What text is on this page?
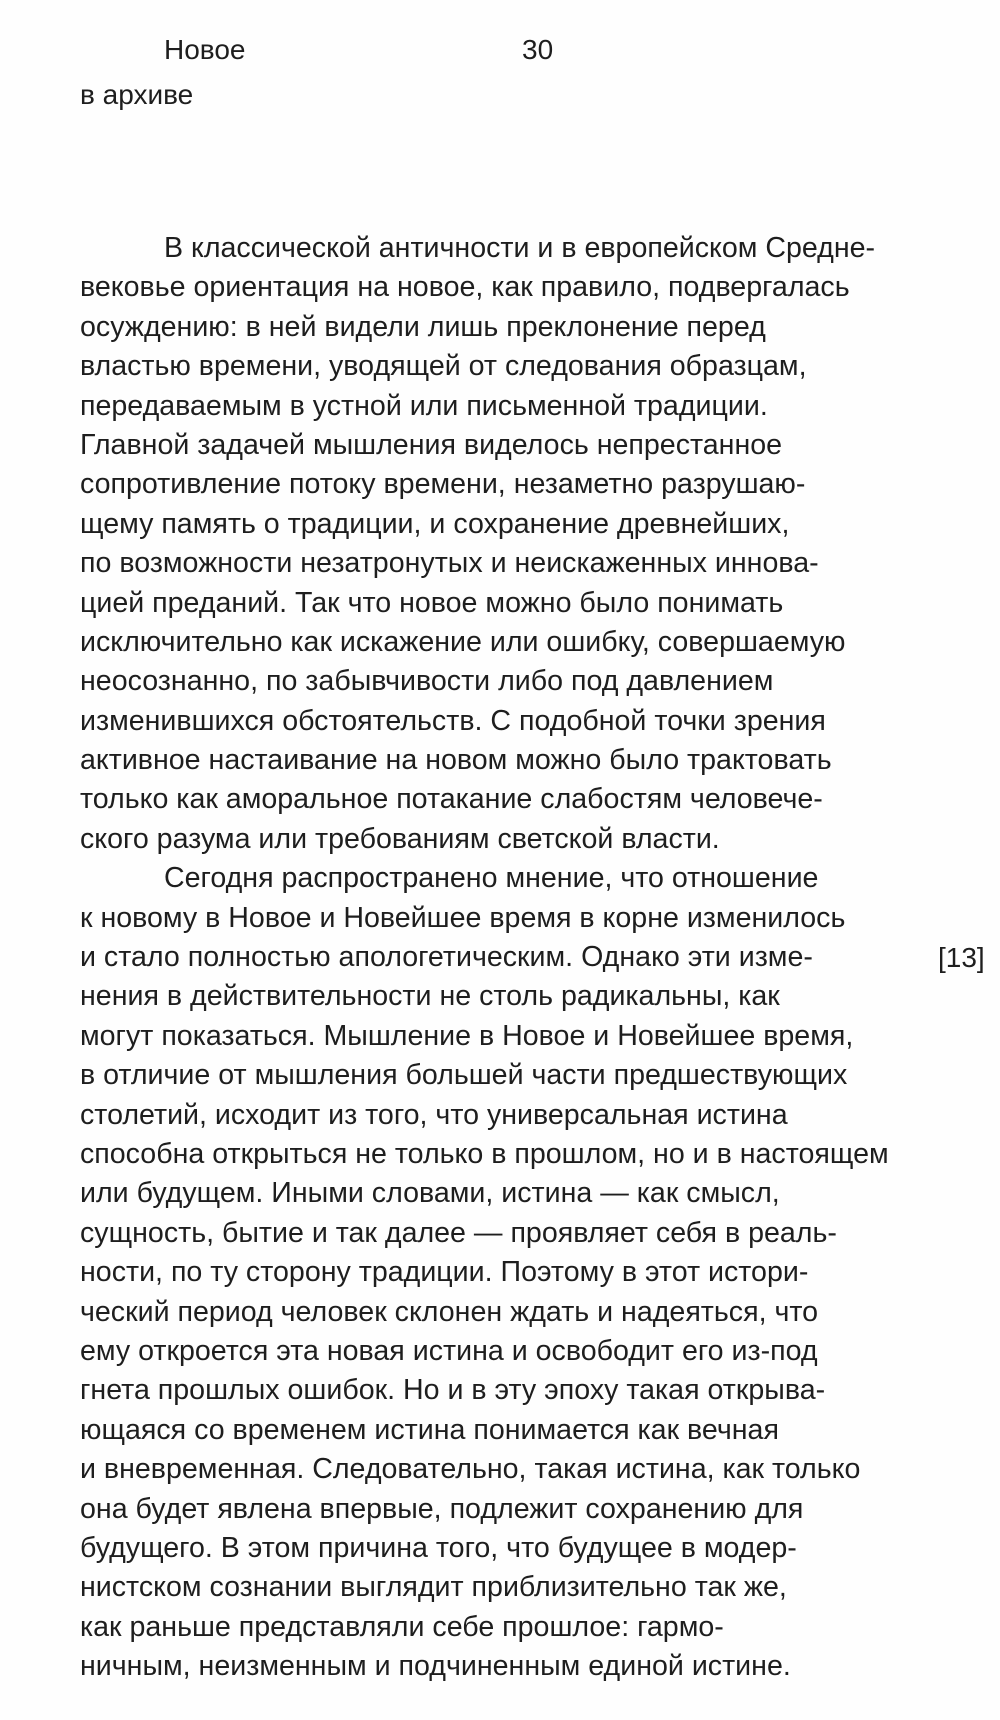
Новое
в архиве
30
В классической античности и в европейском Средне-
вековье ориентация на новое, как правило, подвергалась
осуждению: в ней видели лишь преклонение перед
властью времени, уводящей от следования образцам,
передаваемым в устной или письменной традиции.
Главной задачей мышления виделось непрестанное
сопротивление потоку времени, незаметно разрушаю-
щему память о традиции, и сохранение древнейших,
по возможности незатронутых и неискаженных иннова-
цией преданий. Так что новое можно было понимать
исключительно как искажение или ошибку, совершаемую
неосознанно, по забывчивости либо под давлением
изменившихся обстоятельств. С подобной точки зрения
активное настаивание на новом можно было трактовать
только как аморальное потакание слабостям человече-
ского разума или требованиям светской власти.
Сегодня распространено мнение, что отношение
к новому в Новое и Новейшее время в корне изменилось
и стало полностью апологетическим. Однако эти изме-
нения в действительности не столь радикальны, как
могут показаться. Мышление в Новое и Новейшее время,
в отличие от мышления большей части предшествующих
столетий, исходит из того, что универсальная истина
способна открыться не только в прошлом, но и в настоящем
или будущем. Иными словами, истина — как смысл,
сущность, бытие и так далее — проявляет себя в реаль-
ности, по ту сторону традиции. Поэтому в этот истори-
ческий период человек склонен ждать и надеяться, что
ему откроется эта новая истина и освободит его из-под
гнета прошлых ошибок. Но и в эту эпоху такая открыва-
ющаяся со временем истина понимается как вечная
и вневременная. Следовательно, такая истина, как только
она будет явлена впервые, подлежит сохранению для
будущего. В этом причина того, что будущее в модер-
нистском сознании выглядит приблизительно так же,
как раньше представляли себе прошлое: гармо-
ничным, неизменным и подчиненным единой истине.
[13]
